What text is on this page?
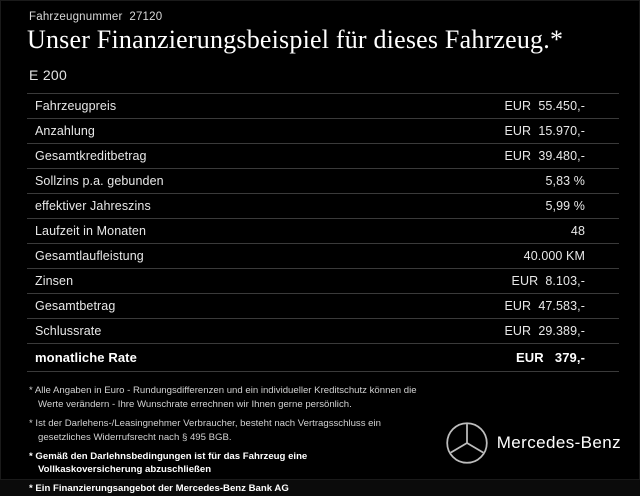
Fahrzeugnummer 27120
Unser Finanzierungsbeispiel für dieses Fahrzeug.*
E 200
Fahrzeugpreis	EUR  55.450,-
Anzahlung	EUR  15.970,-
Gesamtkreditbetrag	EUR  39.480,-
Sollzins p.a. gebunden	5,83 %
effektiver Jahreszins	5,99 %
Laufzeit in Monaten	48
Gesamtlaufleistung	40.000 KM
Zinsen	EUR  8.103,-
Gesamtbetrag	EUR  47.583,-
Schlussrate	EUR  29.389,-
monatliche Rate	EUR   379,-
* Alle Angaben in Euro - Rundungsdifferenzen und ein individueller Kreditschutz können die
Werte verändern - Ihre Wunschrate errechnen wir Ihnen gerne persönlich.
* Ist der Darlehens-/Leasingnehmer Verbraucher, besteht nach Vertragsschluss ein
gesetzliches Widerrufsrecht nach § 495 BGB.
* Gemäß den Darlehnsbedingungen ist für das Fahrzeug eine
Vollkaskoversicherung abzuschließen
* Ein Finanzierungsangebot der Mercedes-Benz Bank AG
Mercedes-Benz
